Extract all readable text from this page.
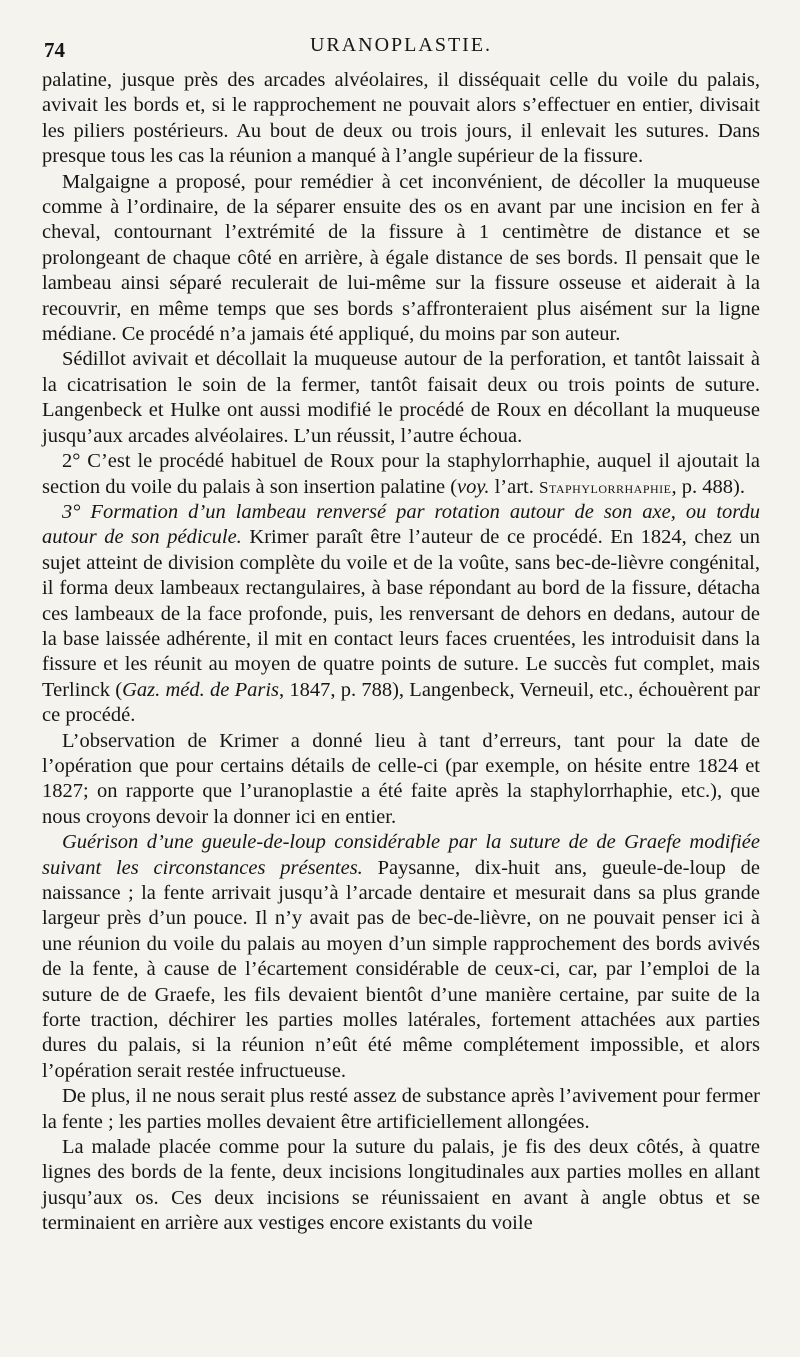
74	URANOPLASTIE.

palatine, jusque près des arcades alvéolaires, il disséquait celle du voile du palais, avivait les bords et, si le rapprochement ne pouvait alors s’effectuer en entier, divisait les piliers postérieurs. Au bout de deux ou trois jours, il enlevait les sutures. Dans presque tous les cas la réunion a manqué à l’angle supérieur de la fissure.

Malgaigne a proposé, pour remédier à cet inconvénient, de décoller la muqueuse comme à l’ordinaire, de la séparer ensuite des os en avant par une incision en fer à cheval, contournant l’extrémité de la fissure à 1 centimètre de distance et se prolongeant de chaque côté en arrière, à égale distance de ses bords. Il pensait que le lambeau ainsi séparé reculerait de lui-même sur la fissure osseuse et aiderait à la recouvrir, en même temps que ses bords s’affronteraient plus aisément sur la ligne médiane. Ce procédé n’a jamais été appliqué, du moins par son auteur.

Sédillot avivait et décollait la muqueuse autour de la perforation, et tantôt laissait à la cicatrisation le soin de la fermer, tantôt faisait deux ou trois points de suture. Langenbeck et Hulke ont aussi modifié le procédé de Roux en décollant la muqueuse jusqu’aux arcades alvéolaires. L’un réussit, l’autre échoua.

2° C’est le procédé habituel de Roux pour la staphylorrhaphie, auquel il ajoutait la section du voile du palais à son insertion palatine (voy. l’art. Staphylorrhaphie, p. 488).

3° Formation d’un lambeau renversé par rotation autour de son axe, ou tordu autour de son pédicule. Krimer paraît être l’auteur de ce procédé. En 1824, chez un sujet atteint de division complète du voile et de la voûte, sans bec-de-lièvre congénital, il forma deux lambeaux rectangulaires, à base répondant au bord de la fissure, détacha ces lambeaux de la face profonde, puis, les renversant de dehors en dedans, autour de la base laissée adhérente, il mit en contact leurs faces cruentées, les introduisit dans la fissure et les réunit au moyen de quatre points de suture. Le succès fut complet, mais Terlinck (Gaz. méd. de Paris, 1847, p. 788), Langenbeck, Verneuil, etc., échouèrent par ce procédé.

L’observation de Krimer a donné lieu à tant d’erreurs, tant pour la date de l’opération que pour certains détails de celle-ci (par exemple, on hésite entre 1824 et 1827; on rapporte que l’uranoplastie a été faite après la staphylorrhaphie, etc.), que nous croyons devoir la donner ici en entier.

Guérison d’une gueule-de-loup considérable par la suture de de Graefe modifiée suivant les circonstances présentes. Paysanne, dix-huit ans, gueule-de-loup de naissance ; la fente arrivait jusqu’à l’arcade dentaire et mesurait dans sa plus grande largeur près d’un pouce. Il n’y avait pas de bec-de-lièvre, on ne pouvait penser ici à une réunion du voile du palais au moyen d’un simple rapprochement des bords avivés de la fente, à cause de l’écartement considérable de ceux-ci, car, par l’emploi de la suture de de Graefe, les fils devaient bientôt d’une manière certaine, par suite de la forte traction, déchirer les parties molles latérales, fortement attachées aux parties dures du palais, si la réunion n’eût été même complétement impossible, et alors l’opération serait restée infructueuse.

De plus, il ne nous serait plus resté assez de substance après l’avivement pour fermer la fente ; les parties molles devaient être artificiellement allongées.

La malade placée comme pour la suture du palais, je fis des deux côtés, à quatre lignes des bords de la fente, deux incisions longitudinales aux parties molles en allant jusqu’aux os. Ces deux incisions se réunissaient en avant à angle obtus et se terminaient en arrière aux vestiges encore existants du voile
